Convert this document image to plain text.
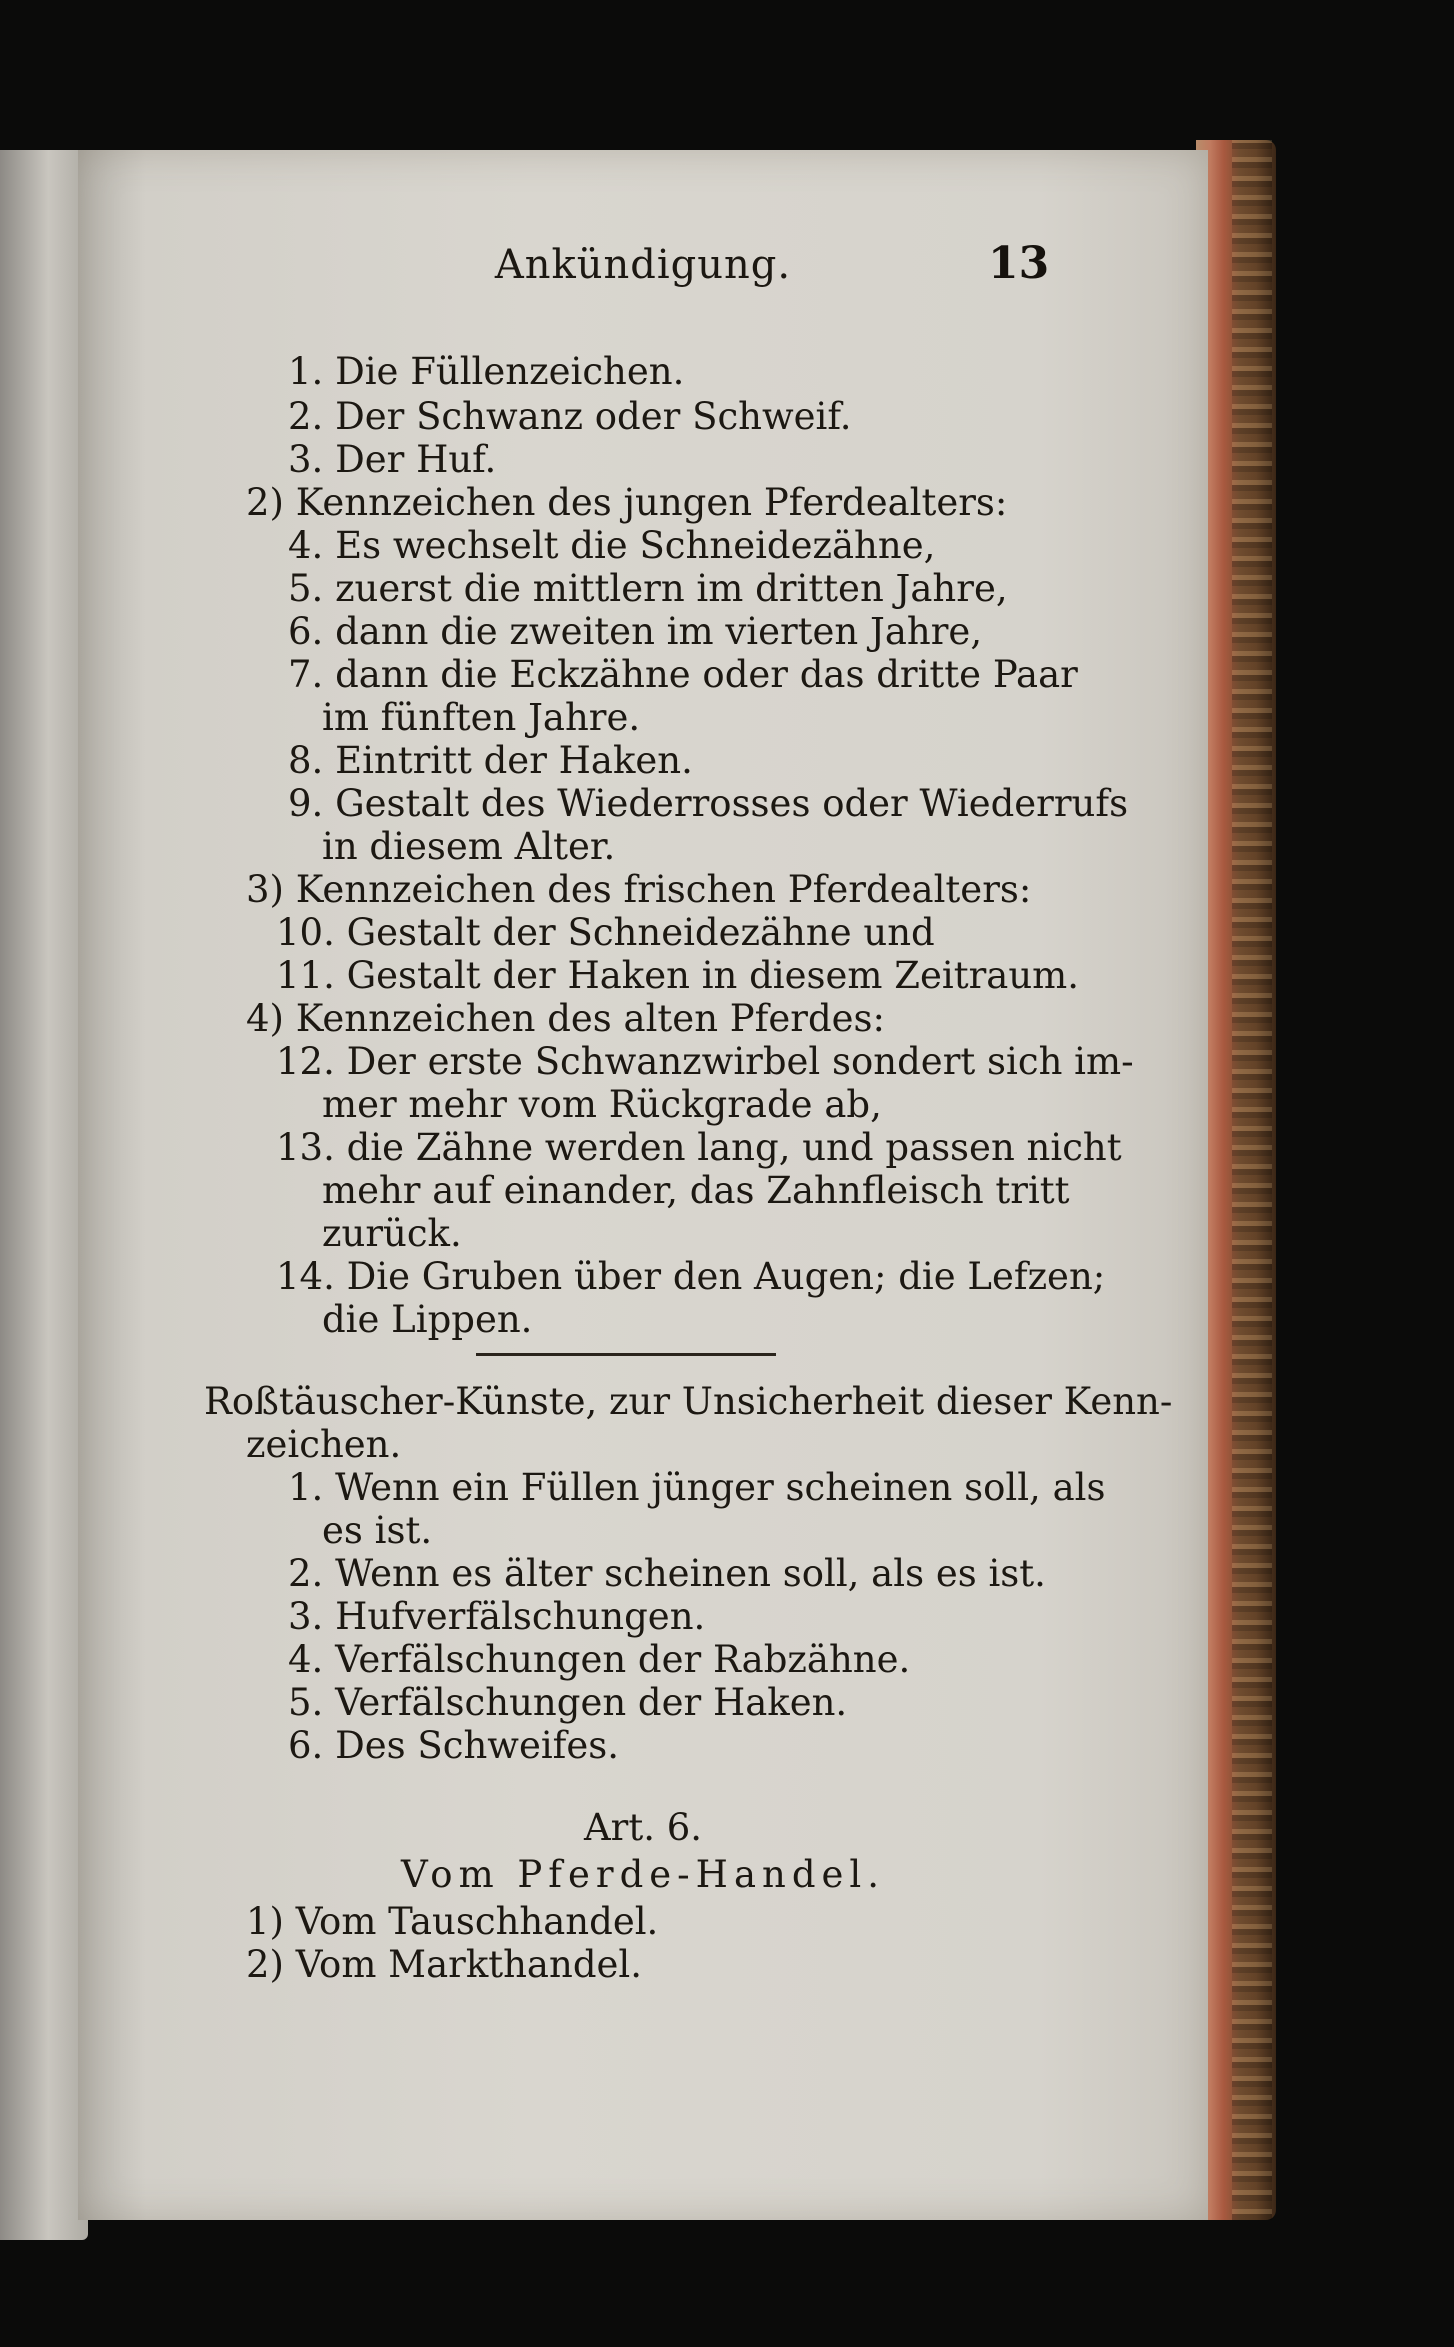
Ankündigung.	13
1. Die Füllenzeichen.
2. Der Schwanz oder Schweif.
3. Der Huf.
2) Kennzeichen des jungen Pferdealters:
4. Es wechselt die Schneidezähne,
5. zuerst die mittlern im dritten Jahre,
6. dann die zweiten im vierten Jahre,
7. dann die Eckzähne oder das dritte Paar
im fünften Jahre.
8. Eintritt der Haken.
9. Gestalt des Wiederrosses oder Wiederrufs
in diesem Alter.
3) Kennzeichen des frischen Pferdealters:
10. Gestalt der Schneidezähne und
11. Gestalt der Haken in diesem Zeitraum.
4) Kennzeichen des alten Pferdes:
12. Der erste Schwanzwirbel sondert sich im-
mer mehr vom Rückgrade ab,
13. die Zähne werden lang, und passen nicht
mehr auf einander, das Zahnfleisch tritt
zurück.
14. Die Gruben über den Augen; die Lefzen;
die Lippen.
Roßtäuscher-Künste, zur Unsicherheit dieser Kenn-
zeichen.
1. Wenn ein Füllen jünger scheinen soll, als
es ist.
2. Wenn es älter scheinen soll, als es ist.
3. Hufverfälschungen.
4. Verfälschungen der Rabzähne.
5. Verfälschungen der Haken.
6. Des Schweifes.
Art. 6.
Vom Pferde-Handel.
1) Vom Tauschhandel.
2) Vom Markthandel.
